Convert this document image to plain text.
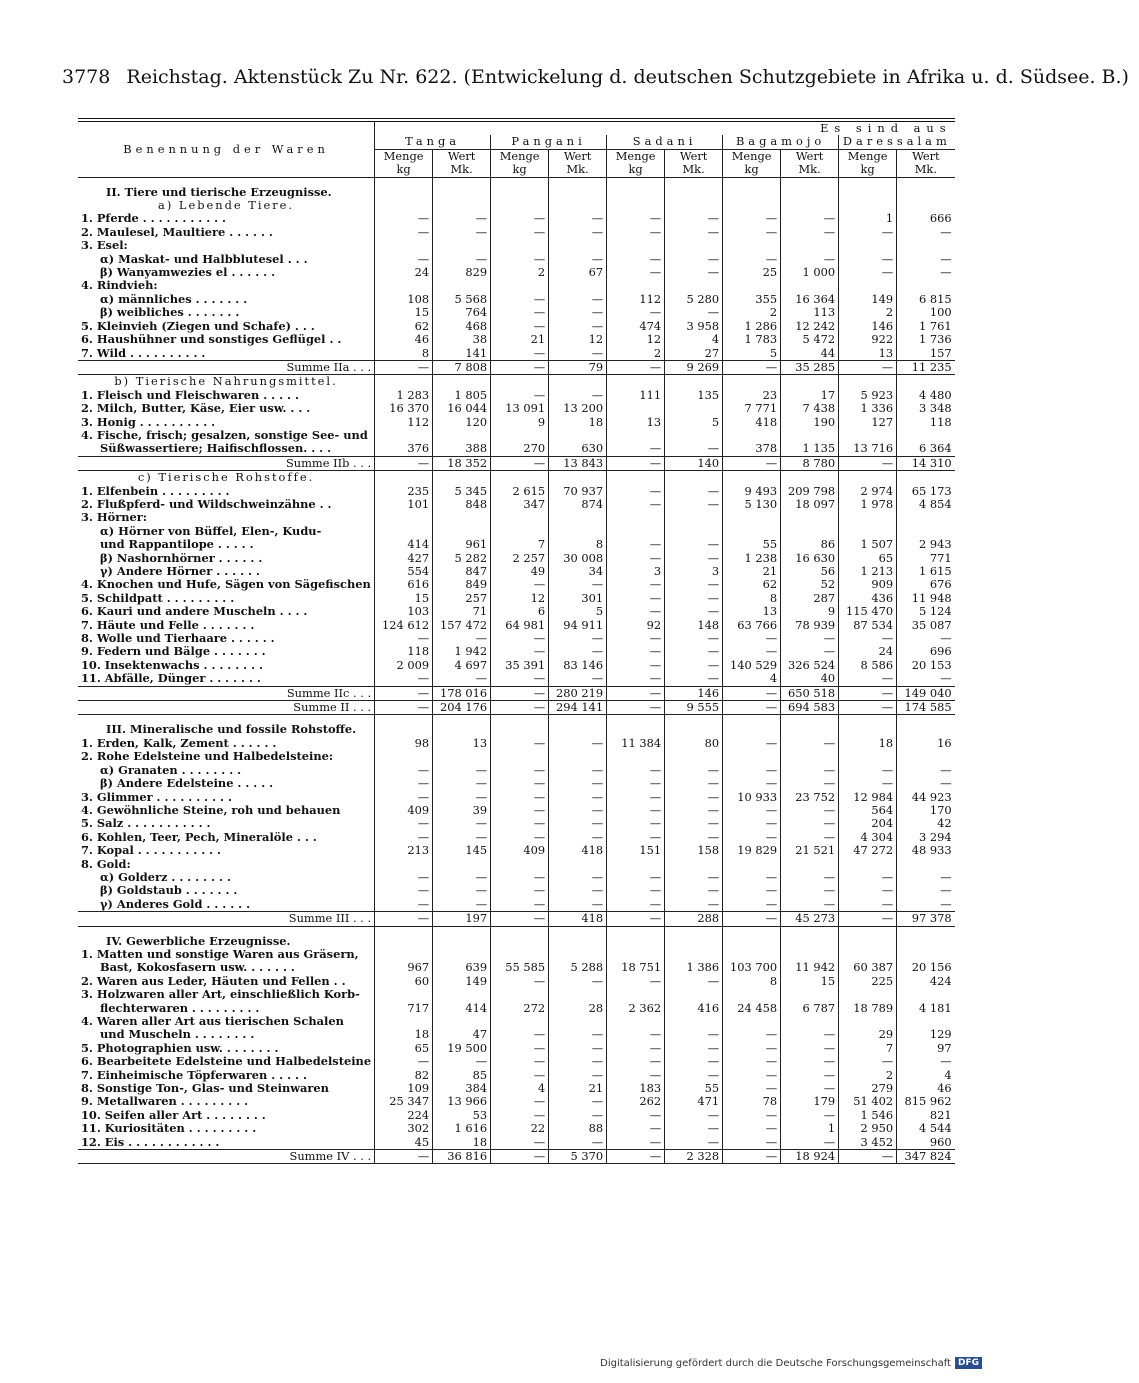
3778 Reichstag. Aktenstück Zu Nr. 622. (Entwickelung d. deutschen Schutzgebiete in Afrika u. d. Südsee. B.)
Benennung der Waren	Es sind aus									
	Tanga		Pangani		Sadani		Bagamojo		Daressalam	
	Menge	Wert	Menge	Wert	Menge	Wert	Menge	Wert	Menge	Wert
	kg	Mk.	kg	Mk.	kg	Mk.	kg	Mk.	kg	Mk.
II. Tiere und tierische Erzeugnisse.										
a) Lebende Tiere.										
1. Pferde . . . . . . . . . . .	—	—	—	—	—	—	—	—	1	666
2. Maulesel, Maultiere . . . . . .	—	—	—	—	—	—	—	—	—	—
3. Esel:										
α) Maskat- und Halbblutesel . . .	—	—	—	—	—	—	—	—	—	—
β) Wanyamwezies el . . . . . .	24	829	2	67	—	—	25	1 000	—	—
4. Rindvieh:										
α) männliches . . . . . . .	108	5 568	—	—	112	5 280	355	16 364	149	6 815
β) weibliches . . . . . . .	15	764	—	—	—	—	2	113	2	100
5. Kleinvieh (Ziegen und Schafe) . . .	62	468	—	—	474	3 958	1 286	12 242	146	1 761
6. Haushühner und sonstiges Geflügel . .	46	38	21	12	12	4	1 783	5 472	922	1 736
7. Wild . . . . . . . . . .	8	141	—	—	2	27	5	44	13	157
Summe IIa . . .	—	7 808	—	79	—	9 269	—	35 285	—	11 235
b) Tierische Nahrungsmittel.										
1. Fleisch und Fleischwaren . . . . .	1 283	1 805	—	—	111	135	23	17	5 923	4 480
2. Milch, Butter, Käse, Eier usw. . . .	16 370	16 044	13 091	13 200			7 771	7 438	1 336	3 348
3. Honig . . . . . . . . . .	112	120	9	18	13	5	418	190	127	118
4. Fische, frisch; gesalzen, sonstige See- und										
Süßwassertiere; Haifischflossen. . . .	376	388	270	630	—	—	378	1 135	13 716	6 364
Summe IIb . . .	—	18 352	—	13 843	—	140	—	8 780	—	14 310
c) Tierische Rohstoffe.										
1. Elfenbein . . . . . . . . .	235	5 345	2 615	70 937	—	—	9 493	209 798	2 974	65 173
2. Flußpferd- und Wildschweinzähne . .	101	848	347	874	—	—	5 130	18 097	1 978	4 854
3. Hörner:										
α) Hörner von Büffel, Elen-, Kudu-										
und Rappantilope . . . . .	414	961	7	8	—	—	55	86	1 507	2 943
β) Nashornhörner . . . . . .	427	5 282	2 257	30 008	—	—	1 238	16 630	65	771
γ) Andere Hörner . . . . . .	554	847	49	34	3	3	21	56	1 213	1 615
4. Knochen und Hufe, Sägen von Sägefischen	616	849	—	—	—	—	62	52	909	676
5. Schildpatt . . . . . . . . .	15	257	12	301	—	—	8	287	436	11 948
6. Kauri und andere Muscheln . . . .	103	71	6	5	—	—	13	9	115 470	5 124
7. Häute und Felle . . . . . . .	124 612	157 472	64 981	94 911	92	148	63 766	78 939	87 534	35 087
8. Wolle und Tierhaare . . . . . .	—	—	—	—	—	—	—	—	—	—
9. Federn und Bälge . . . . . . .	118	1 942	—	—	—	—	—	—	24	696
10. Insektenwachs . . . . . . . .	2 009	4 697	35 391	83 146	—	—	140 529	326 524	8 586	20 153
11. Abfälle, Dünger . . . . . . .	—	—	—	—	—	—	4	40	—	—
Summe IIc . . .	—	178 016	—	280 219	—	146	—	650 518	—	149 040
Summe II . . .	—	204 176	—	294 141	—	9 555	—	694 583	—	174 585
III. Mineralische und fossile Rohstoffe.										
1. Erden, Kalk, Zement . . . . . .	98	13	—	—	11 384	80	—	—	18	16
2. Rohe Edelsteine und Halbedelsteine:										
α) Granaten . . . . . . . .	—	—	—	—	—	—	—	—	—	—
β) Andere Edelsteine . . . . .	—	—	—	—	—	—	—	—	—	—
3. Glimmer . . . . . . . . . .	—	—	—	—	—	—	10 933	23 752	12 984	44 923
4. Gewöhnliche Steine, roh und behauen	409	39	—	—	—	—	—	—	564	170
5. Salz . . . . . . . . . . .	—	—	—	—	—	—	—	—	204	42
6. Kohlen, Teer, Pech, Mineralöle . . .	—	—	—	—	—	—	—	—	4 304	3 294
7. Kopal . . . . . . . . . . .	213	145	409	418	151	158	19 829	21 521	47 272	48 933
8. Gold:										
α) Golderz . . . . . . . .	—	—	—	—	—	—	—	—	—	—
β) Goldstaub . . . . . . .	—	—	—	—	—	—	—	—	—	—
γ) Anderes Gold . . . . . .	—	—	—	—	—	—	—	—	—	—
Summe III . . .	—	197	—	418	—	288	—	45 273	—	97 378
IV. Gewerbliche Erzeugnisse.										
1. Matten und sonstige Waren aus Gräsern,										
Bast, Kokosfasern usw. . . . . . .	967	639	55 585	5 288	18 751	1 386	103 700	11 942	60 387	20 156
2. Waren aus Leder, Häuten und Fellen . .	60	149	—	—	—	—	8	15	225	424
3. Holzwaren aller Art, einschließlich Korb-										
flechterwaren . . . . . . . . .	717	414	272	28	2 362	416	24 458	6 787	18 789	4 181
4. Waren aller Art aus tierischen Schalen										
und Muscheln . . . . . . . .	18	47	—	—	—	—	—	—	29	129
5. Photographien usw. . . . . . . .	65	19 500	—	—	—	—	—	—	7	97
6. Bearbeitete Edelsteine und Halbedelsteine	—	—	—	—	—	—	—	—	—	—
7. Einheimische Töpferwaren . . . . .	82	85	—	—	—	—	—	—	2	4
8. Sonstige Ton-, Glas- und Steinwaren	109	384	4	21	183	55	—	—	279	46
9. Metallwaren . . . . . . . . .	25 347	13 966	—	—	262	471	78	179	51 402	815 962
10. Seifen aller Art . . . . . . . .	224	53	—	—	—	—	—	—	1 546	821
11. Kuriositäten . . . . . . . . .	302	1 616	22	88	—	—	—	1	2 950	4 544
12. Eis . . . . . . . . . . . .	45	18	—	—	—	—	—	—	3 452	960
Summe IV . . .	—	36 816	—	5 370	—	2 328	—	18 924	—	347 824
Digitalisierung gefördert durch die Deutsche Forschungsgemeinschaft DFG
